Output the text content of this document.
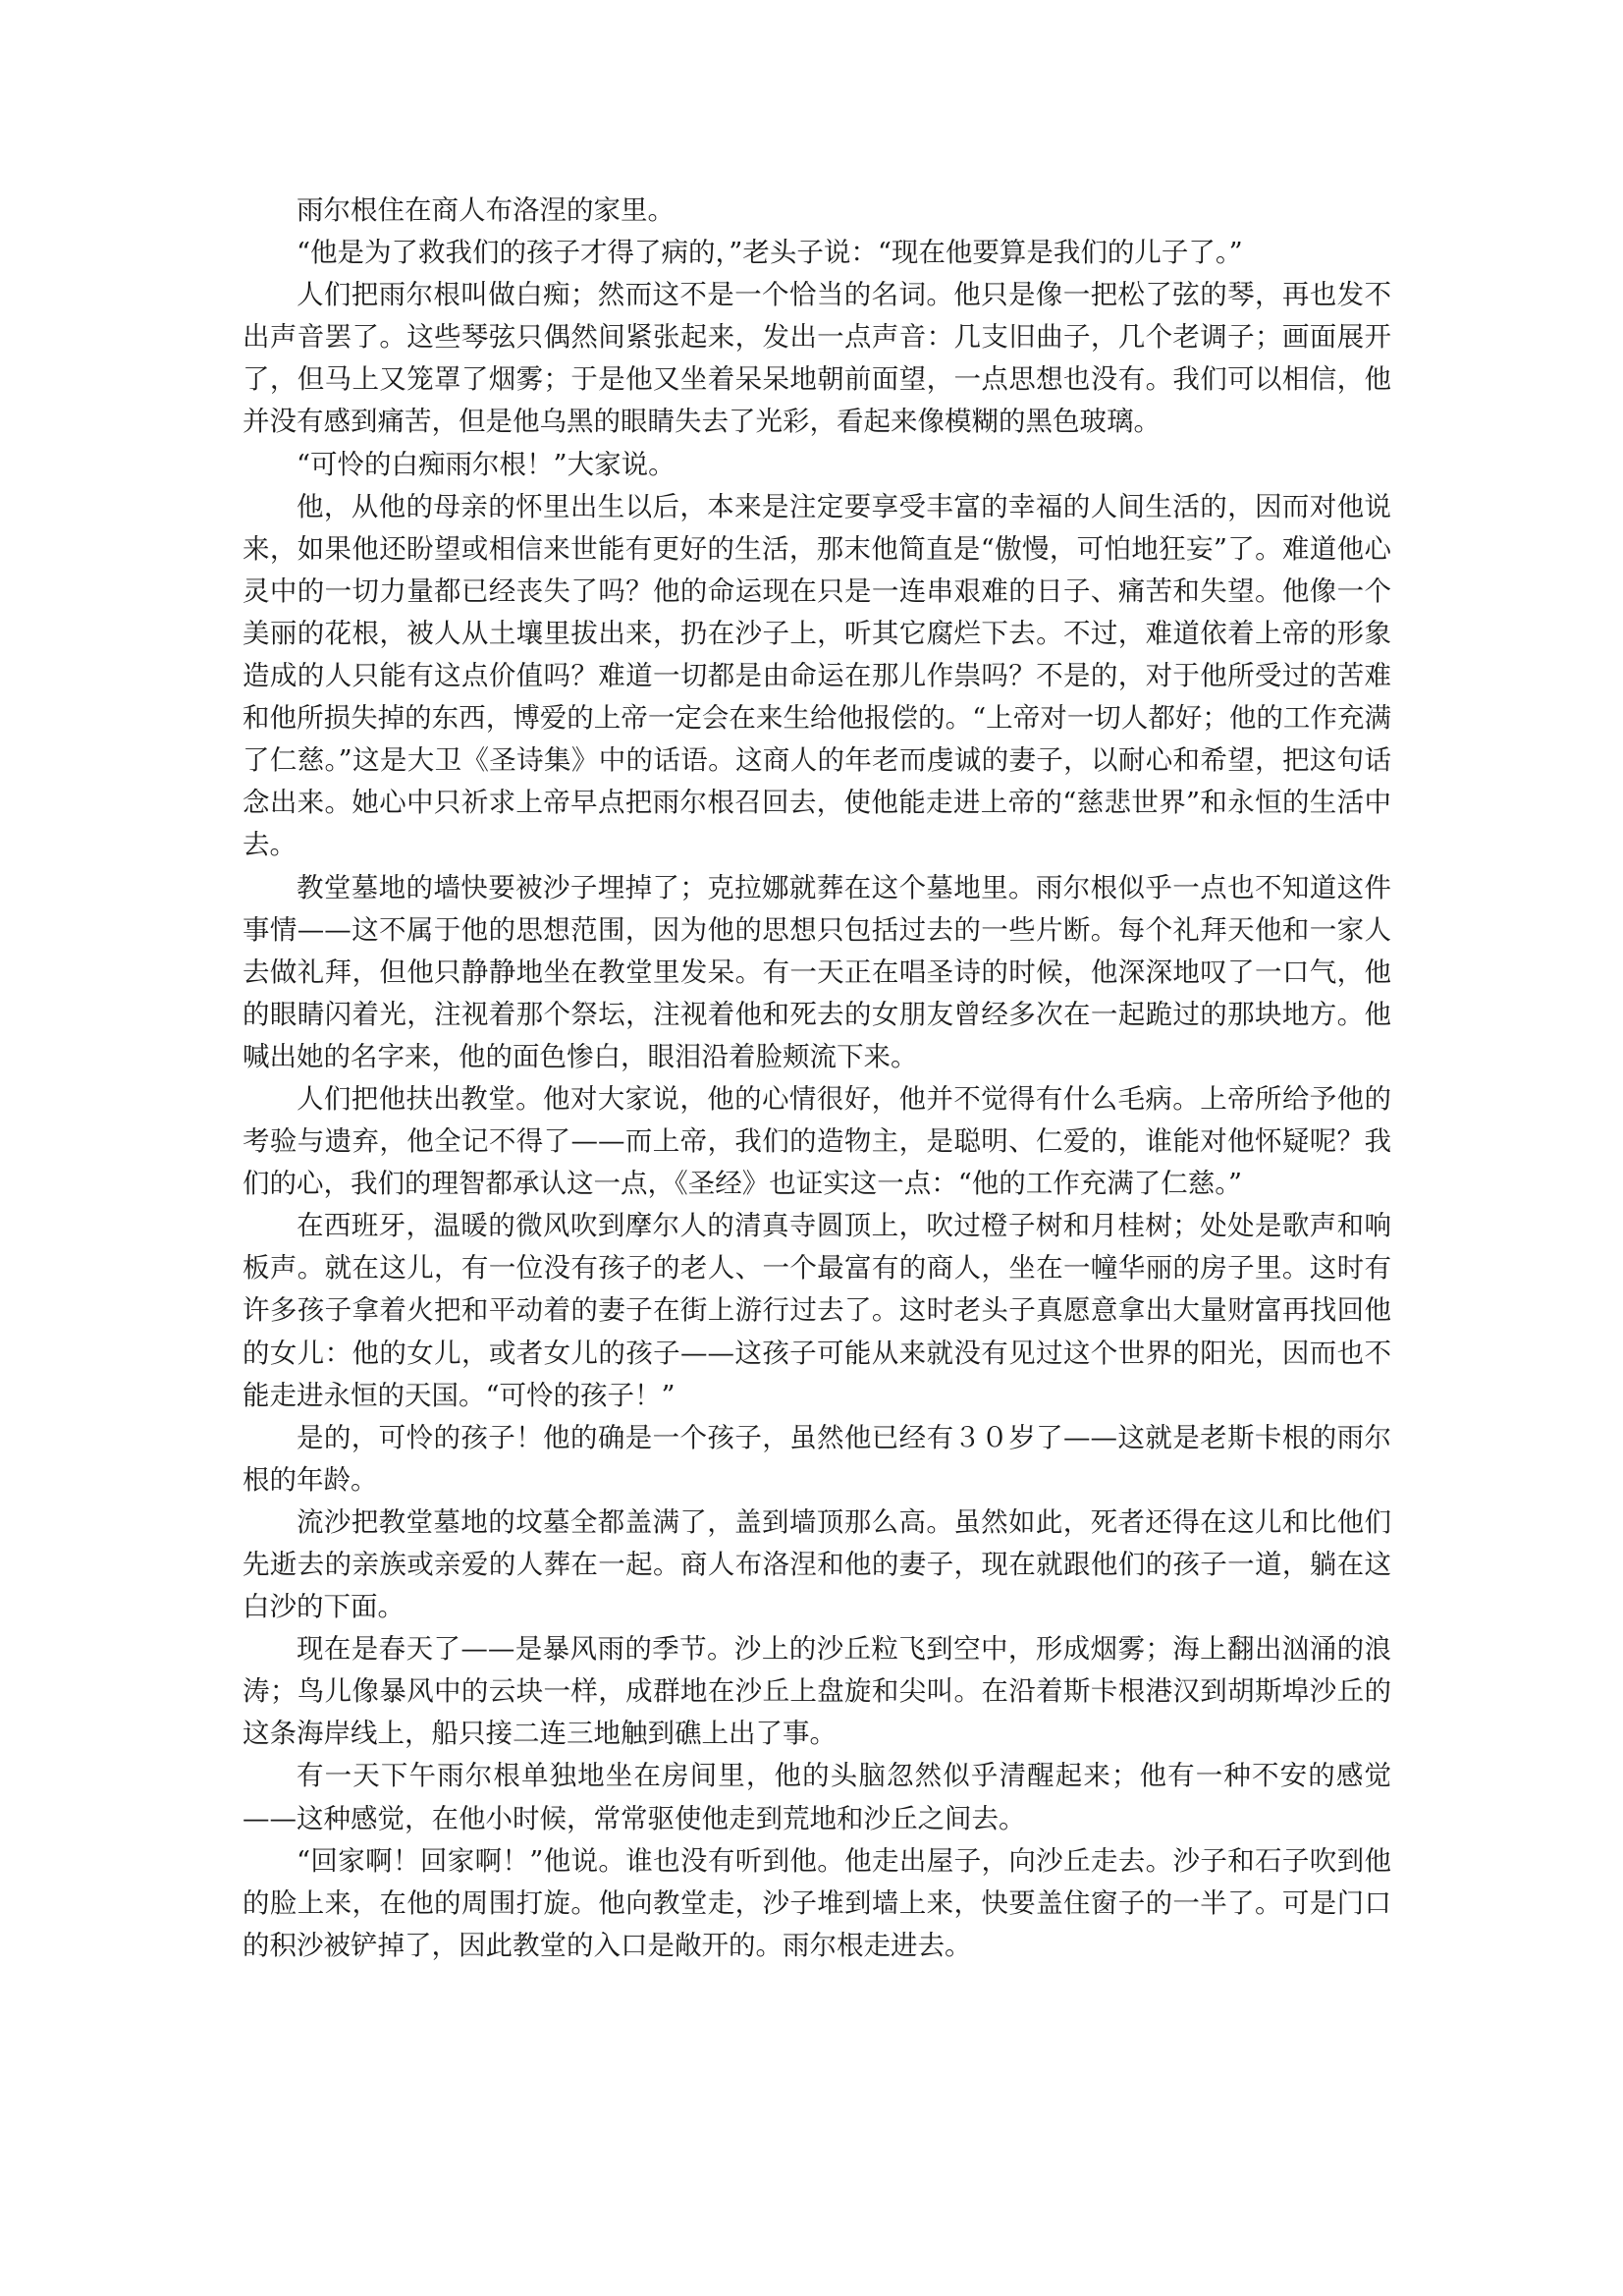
雨尔根住在商人布洛涅的家里。

“他是为了救我们的孩子才得了病的，”老头子说：“现在他要算是我们的儿子了。”

人们把雨尔根叫做白痴；然而这不是一个恰当的名词。他只是像一把松了弦的琴，再也发不出声音罢了。这些琴弦只偶然间紧张起来，发出一点声音：几支旧曲子，几个老调子；画面展开了，但马上又笼罩了烟雾；于是他又坐着呆呆地朝前面望，一点思想也没有。我们可以相信，他并没有感到痛苦，但是他乌黑的眼睛失去了光彩，看起来像模糊的黑色玻璃。

“可怜的白痴雨尔根！”大家说。

他，从他的母亲的怀里出生以后，本来是注定要享受丰富的幸福的人间生活的，因而对他说来，如果他还盼望或相信来世能有更好的生活，那末他简直是“傲慢，可怕地狂妄”了。难道他心灵中的一切力量都已经丧失了吗？他的命运现在只是一连串艰难的日子、痛苦和失望。他像一个美丽的花根，被人从土壤里拔出来，扔在沙子上，听其它腐烂下去。不过，难道依着上帝的形象造成的人只能有这点价值吗？难道一切都是由命运在那儿作祟吗？不是的，对于他所受过的苦难和他所损失掉的东西，博爱的上帝一定会在来生给他报偿的。“上帝对一切人都好；他的工作充满了仁慈。”这是大卫《圣诗集》中的话语。这商人的年老而虔诚的妻子，以耐心和希望，把这句话念出来。她心中只祈求上帝早点把雨尔根召回去，使他能走进上帝的“慈悲世界”和永恒的生活中去。

教堂墓地的墙快要被沙子埋掉了；克拉娜就葬在这个墓地里。雨尔根似乎一点也不知道这件事情——这不属于他的思想范围，因为他的思想只包括过去的一些片断。每个礼拜天他和一家人去做礼拜，但他只静静地坐在教堂里发呆。有一天正在唱圣诗的时候，他深深地叹了一口气，他的眼睛闪着光，注视着那个祭坛，注视着他和死去的女朋友曾经多次在一起跪过的那块地方。他喊出她的名字来，他的面色惨白，眼泪沿着脸颊流下来。

人们把他扶出教堂。他对大家说，他的心情很好，他并不觉得有什么毛病。上帝所给予他的考验与遗弃，他全记不得了——而上帝，我们的造物主，是聪明、仁爱的，谁能对他怀疑呢？我们的心，我们的理智都承认这一点，《圣经》也证实这一点：“他的工作充满了仁慈。”

在西班牙，温暖的微风吹到摩尔人的清真寺圆顶上，吹过橙子树和月桂树；处处是歌声和响板声。就在这儿，有一位没有孩子的老人、一个最富有的商人，坐在一幢华丽的房子里。这时有许多孩子拿着火把和平动着的妻子在街上游行过去了。这时老头子真愿意拿出大量财富再找回他的女儿：他的女儿，或者女儿的孩子——这孩子可能从来就没有见过这个世界的阳光，因而也不能走进永恒的天国。“可怜的孩子！”

是的，可怜的孩子！他的确是一个孩子，虽然他已经有３０岁了——这就是老斯卡根的雨尔根的年龄。

流沙把教堂墓地的坟墓全都盖满了，盖到墙顶那么高。虽然如此，死者还得在这儿和比他们先逝去的亲族或亲爱的人葬在一起。商人布洛涅和他的妻子，现在就跟他们的孩子一道，躺在这白沙的下面。

现在是春天了——是暴风雨的季节。沙上的沙丘粒飞到空中，形成烟雾；海上翻出汹涌的浪涛；鸟儿像暴风中的云块一样，成群地在沙丘上盘旋和尖叫。在沿着斯卡根港汉到胡斯埠沙丘的这条海岸线上，船只接二连三地触到礁上出了事。

有一天下午雨尔根单独地坐在房间里，他的头脑忽然似乎清醒起来；他有一种不安的感觉——这种感觉，在他小时候，常常驱使他走到荒地和沙丘之间去。

“回家啊！回家啊！”他说。谁也没有听到他。他走出屋子，向沙丘走去。沙子和石子吹到他的脸上来，在他的周围打旋。他向教堂走，沙子堆到墙上来，快要盖住窗子的一半了。可是门口的积沙被铲掉了，因此教堂的入口是敞开的。雨尔根走进去。
